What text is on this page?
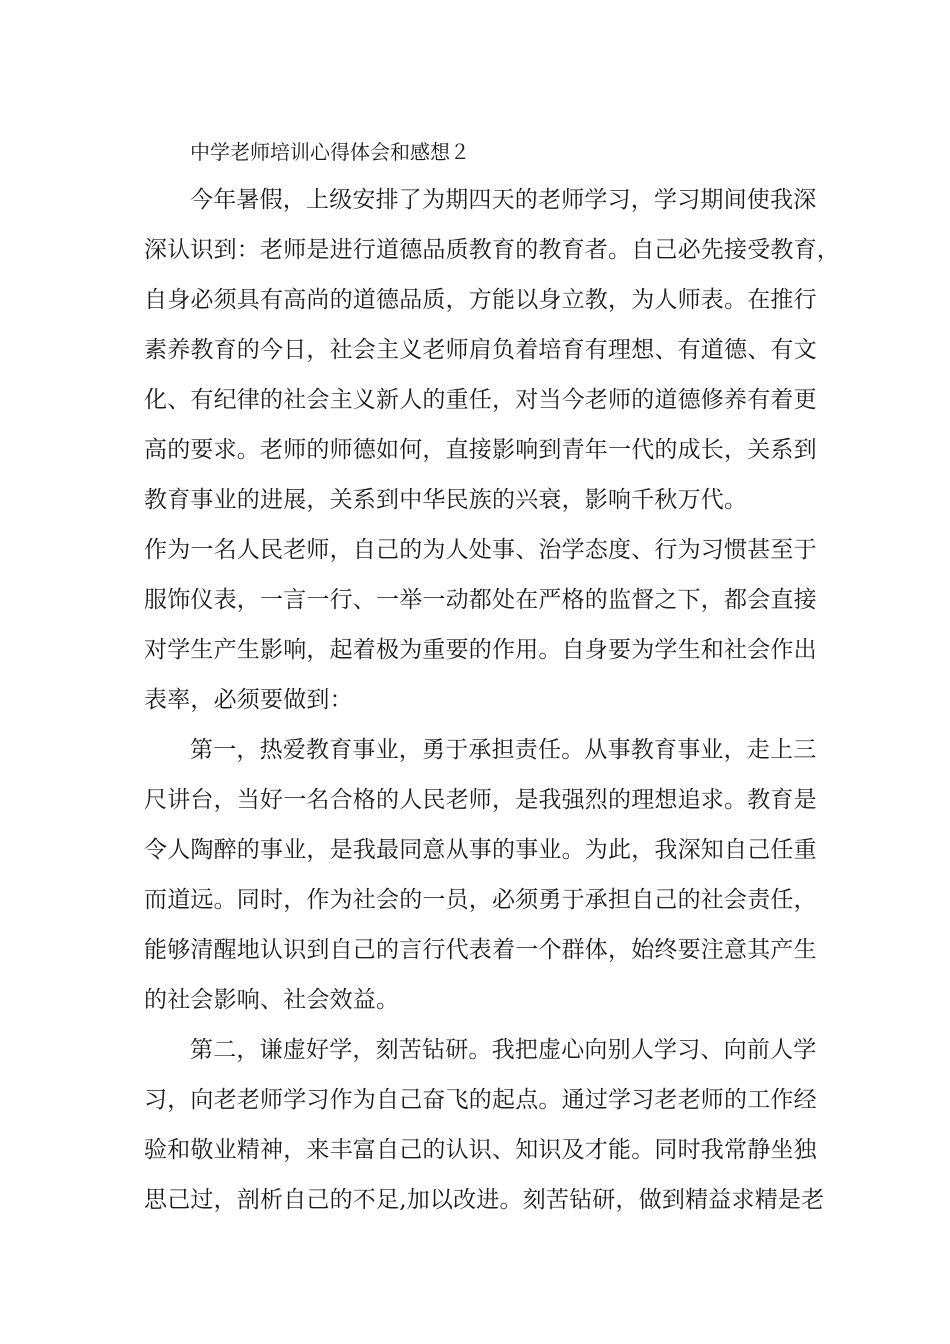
中学老师培训心得体会和感想２
今年暑假，上级安排了为期四天的老师学习，学习期间使我深
深认识到：老师是进行道德品质教育的教育者。自己必先接受教育，
自身必须具有高尚的道德品质，方能以身立教，为人师表。在推行
素养教育的今日，社会主义老师肩负着培育有理想、有道德、有文
化、有纪律的社会主义新人的重任，对当今老师的道德修养有着更
高的要求。老师的师德如何，直接影响到青年一代的成长，关系到
教育事业的进展，关系到中华民族的兴衰，影响千秋万代。
作为一名人民老师，自己的为人处事、治学态度、行为习惯甚至于
服饰仪表，一言一行、一举一动都处在严格的监督之下，都会直接
对学生产生影响，起着极为重要的作用。自身要为学生和社会作出
表率，必须要做到：
第一，热爱教育事业，勇于承担责任。从事教育事业，走上三
尺讲台，当好一名合格的人民老师，是我强烈的理想追求。教育是
令人陶醉的事业，是我最同意从事的事业。为此，我深知自己任重
而道远。同时，作为社会的一员，必须勇于承担自己的社会责任，
能够清醒地认识到自己的言行代表着一个群体，始终要注意其产生
的社会影响、社会效益。
第二，谦虚好学，刻苦钻研。我把虚心向别人学习、向前人学
习，向老老师学习作为自己奋飞的起点。通过学习老老师的工作经
验和敬业精神，来丰富自己的认识、知识及才能。同时我常静坐独
思己过，剖析自己的不足,加以改进。刻苦钻研，做到精益求精是老
